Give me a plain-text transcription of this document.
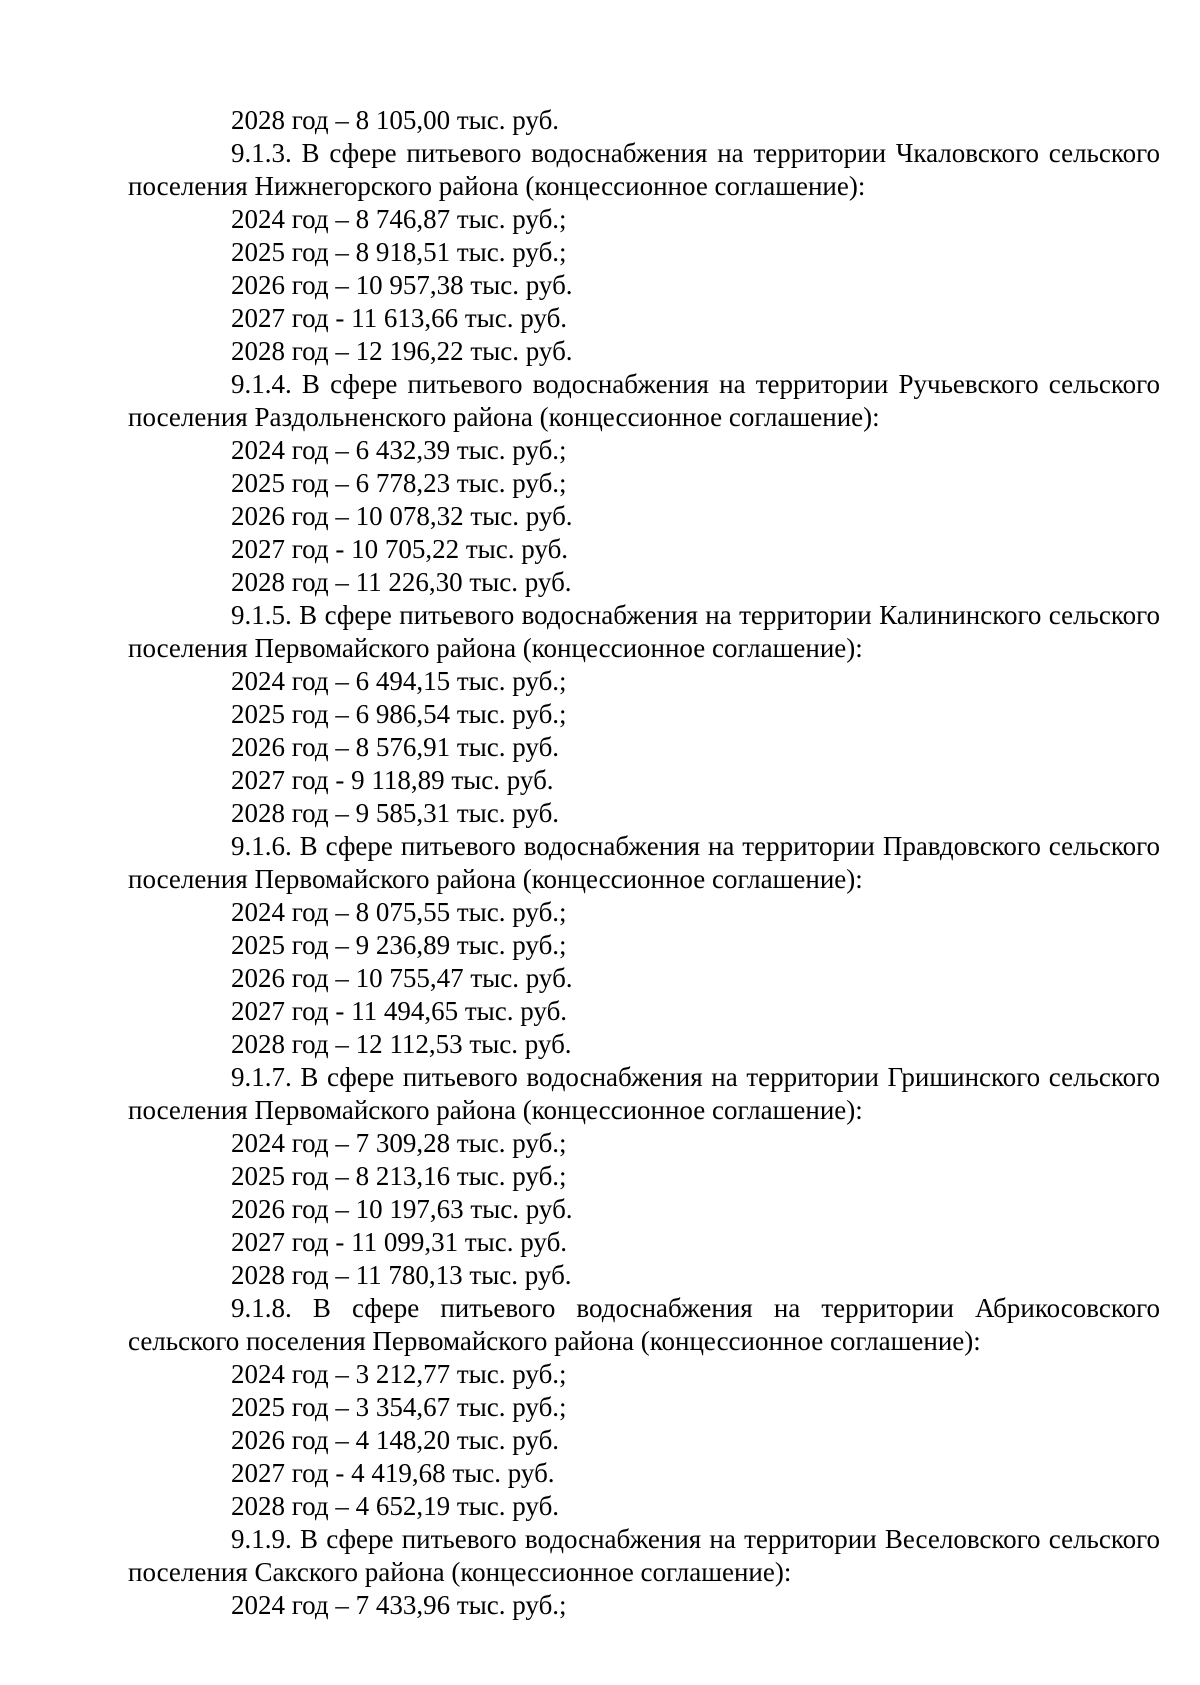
2028 год – 8 105,00 тыс. руб.

9.1.3. В сфере питьевого водоснабжения на территории Чкаловского сельского поселения Нижнегорского района (концессионное соглашение):

2024 год – 8 746,87 тыс. руб.;

2025 год – 8 918,51 тыс. руб.;

2026 год – 10 957,38 тыс. руб.

2027 год - 11 613,66 тыс. руб.

2028 год – 12 196,22 тыс. руб.

9.1.4. В сфере питьевого водоснабжения на территории Ручьевского сельского поселения Раздольненского района (концессионное соглашение):

2024 год – 6 432,39 тыс. руб.;

2025 год – 6 778,23 тыс. руб.;

2026 год – 10 078,32 тыс. руб.

2027 год - 10 705,22 тыс. руб.

2028 год – 11 226,30 тыс. руб.

9.1.5. В сфере питьевого водоснабжения на территории Калининского сельского поселения Первомайского района (концессионное соглашение):

2024 год – 6 494,15 тыс. руб.;

2025 год – 6 986,54 тыс. руб.;

2026 год – 8 576,91 тыс. руб.

2027 год - 9 118,89 тыс. руб.

2028 год – 9 585,31 тыс. руб.

9.1.6. В сфере питьевого водоснабжения на территории Правдовского сельского поселения Первомайского района (концессионное соглашение):

2024 год – 8 075,55 тыс. руб.;

2025 год – 9 236,89 тыс. руб.;

2026 год – 10 755,47 тыс. руб.

2027 год - 11 494,65 тыс. руб.

2028 год – 12 112,53 тыс. руб.

9.1.7. В сфере питьевого водоснабжения на территории Гришинского сельского поселения Первомайского района (концессионное соглашение):

2024 год – 7 309,28 тыс. руб.;

2025 год – 8 213,16 тыс. руб.;

2026 год – 10 197,63 тыс. руб.

2027 год - 11 099,31 тыс. руб.

2028 год – 11 780,13 тыс. руб.

9.1.8. В сфере питьевого водоснабжения на территории Абрикосовского сельского поселения Первомайского района (концессионное соглашение):

2024 год – 3 212,77 тыс. руб.;

2025 год – 3 354,67 тыс. руб.;

2026 год – 4 148,20 тыс. руб.

2027 год - 4 419,68 тыс. руб.

2028 год – 4 652,19 тыс. руб.

9.1.9. В сфере питьевого водоснабжения на территории Веселовского сельского поселения Сакского района (концессионное соглашение):

2024 год – 7 433,96 тыс. руб.;
